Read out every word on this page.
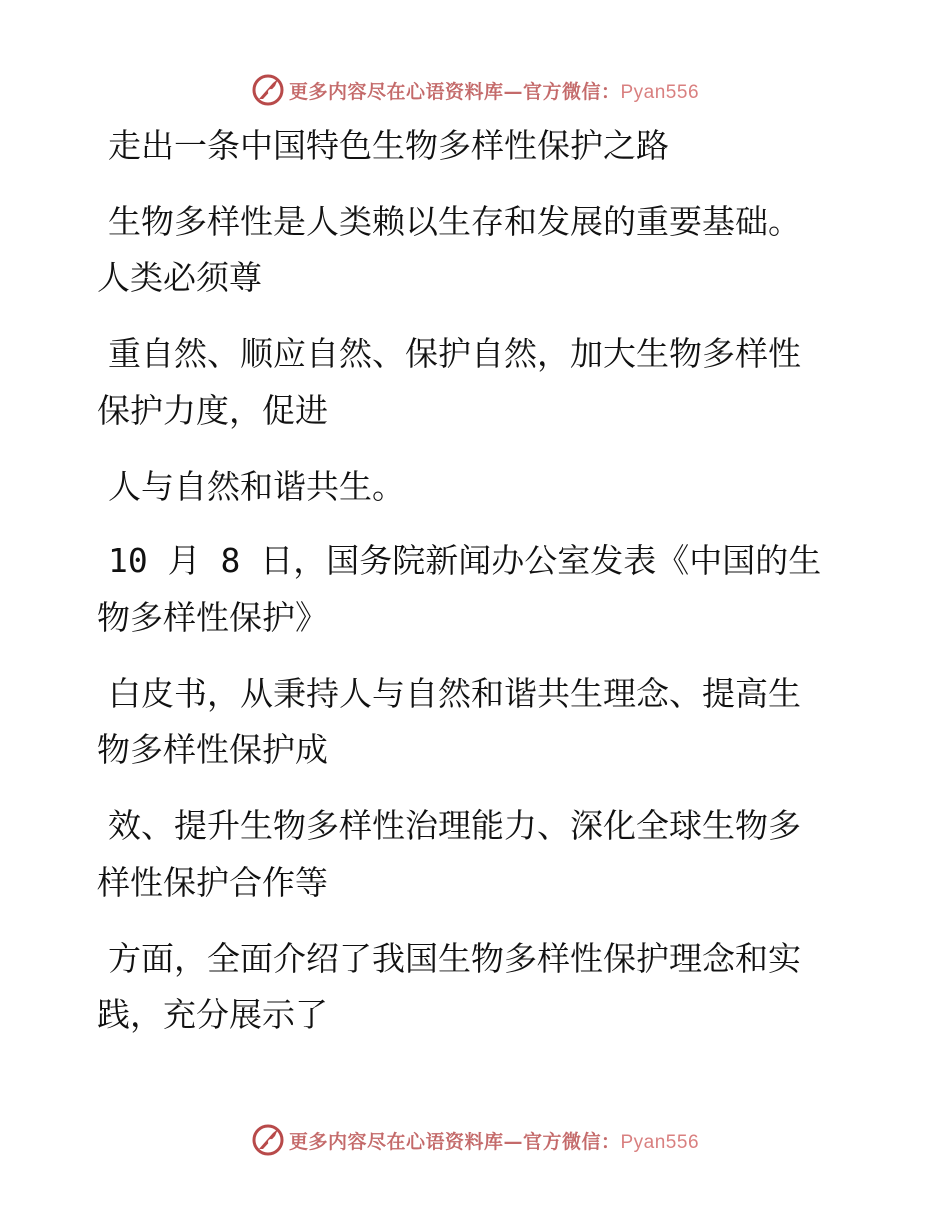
更多内容尽在心语资料库—官方微信：Pyan556
走出一条中国特色生物多样性保护之路
生物多样性是人类赖以生存和发展的重要基础。
人类必须尊
重自然、顺应自然、保护自然，加大生物多样性
保护力度，促进
人与自然和谐共生。
10 月 8 日，国务院新闻办公室发表《中国的生
物多样性保护》
白皮书，从秉持人与自然和谐共生理念、提高生
物多样性保护成
效、提升生物多样性治理能力、深化全球生物多
样性保护合作等
方面，全面介绍了我国生物多样性保护理念和实
践，充分展示了
更多内容尽在心语资料库—官方微信：Pyan556
